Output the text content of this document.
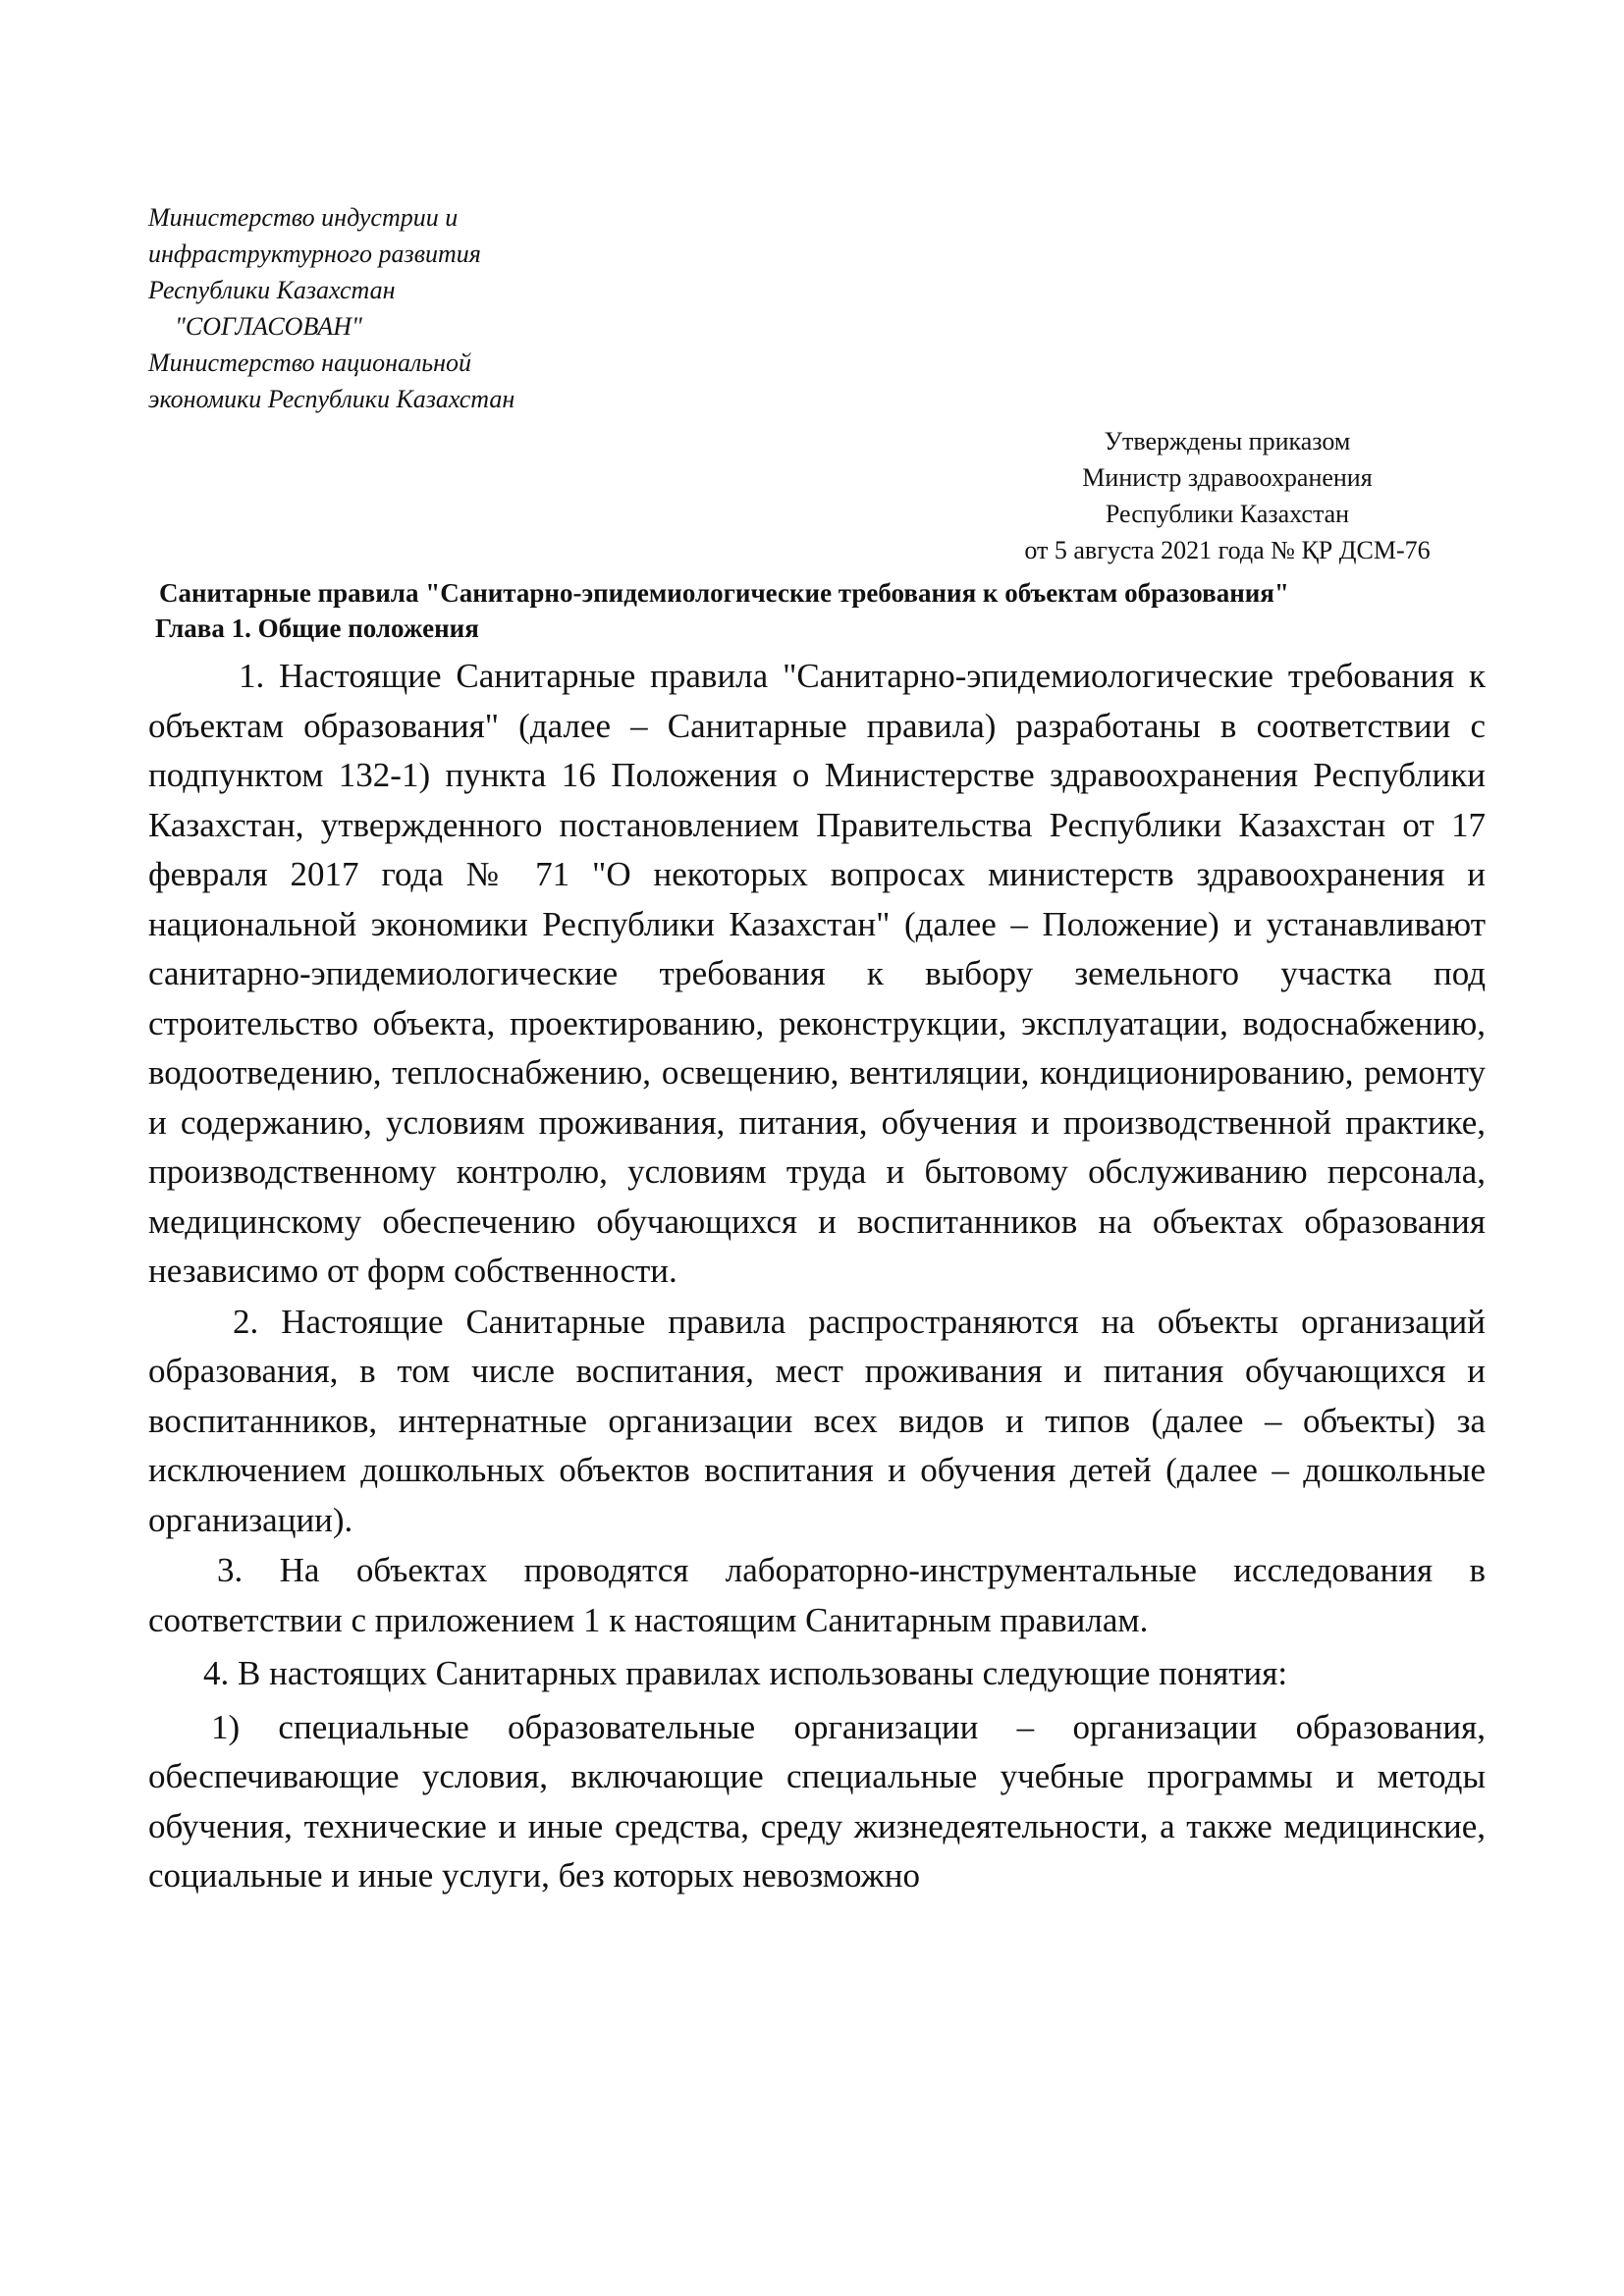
Министерство индустрии и
инфраструктурного развития
Республики Казахстан
"СОГЛАСОВАН"
Министерство национальной
экономики Республики Казахстан
Утверждены приказом
Министр здравоохранения
Республики Казахстан
от 5 августа 2021 года № ҚР ДСМ-76
Санитарные правила "Санитарно-эпидемиологические требования к объектам образования"
Глава 1. Общие положения

1. Настоящие Санитарные правила "Санитарно-эпидемиологические требования к объектам образования" (далее – Санитарные правила) разработаны в соответствии с подпунктом 132-1) пункта 16 Положения о Министерстве здравоохранения Республики Казахстан, утвержденного постановлением Правительства Республики Казахстан от 17 февраля 2017 года № 71 "О некоторых вопросах министерств здравоохранения и национальной экономики Республики Казахстан" (далее – Положение) и устанавливают санитарно-эпидемиологические требования к выбору земельного участка под строительство объекта, проектированию, реконструкции, эксплуатации, водоснабжению, водоотведению, теплоснабжению, освещению, вентиляции, кондиционированию, ремонту и содержанию, условиям проживания, питания, обучения и производственной практике, производственному контролю, условиям труда и бытовому обслуживанию персонала, медицинскому обеспечению обучающихся и воспитанников на объектах образования независимо от форм собственности.

2. Настоящие Санитарные правила распространяются на объекты организаций образования, в том числе воспитания, мест проживания и питания обучающихся и воспитанников, интернатные организации всех видов и типов (далее – объекты) за исключением дошкольных объектов воспитания и обучения детей (далее – дошкольные организации).

3. На объектах проводятся лабораторно-инструментальные исследования в соответствии с приложением 1 к настоящим Санитарным правилам.

4. В настоящих Санитарных правилах использованы следующие понятия:

1) специальные образовательные организации – организации образования, обеспечивающие условия, включающие специальные учебные программы и методы обучения, технические и иные средства, среду жизнедеятельности, а также медицинские, социальные и иные услуги, без которых невозможно
